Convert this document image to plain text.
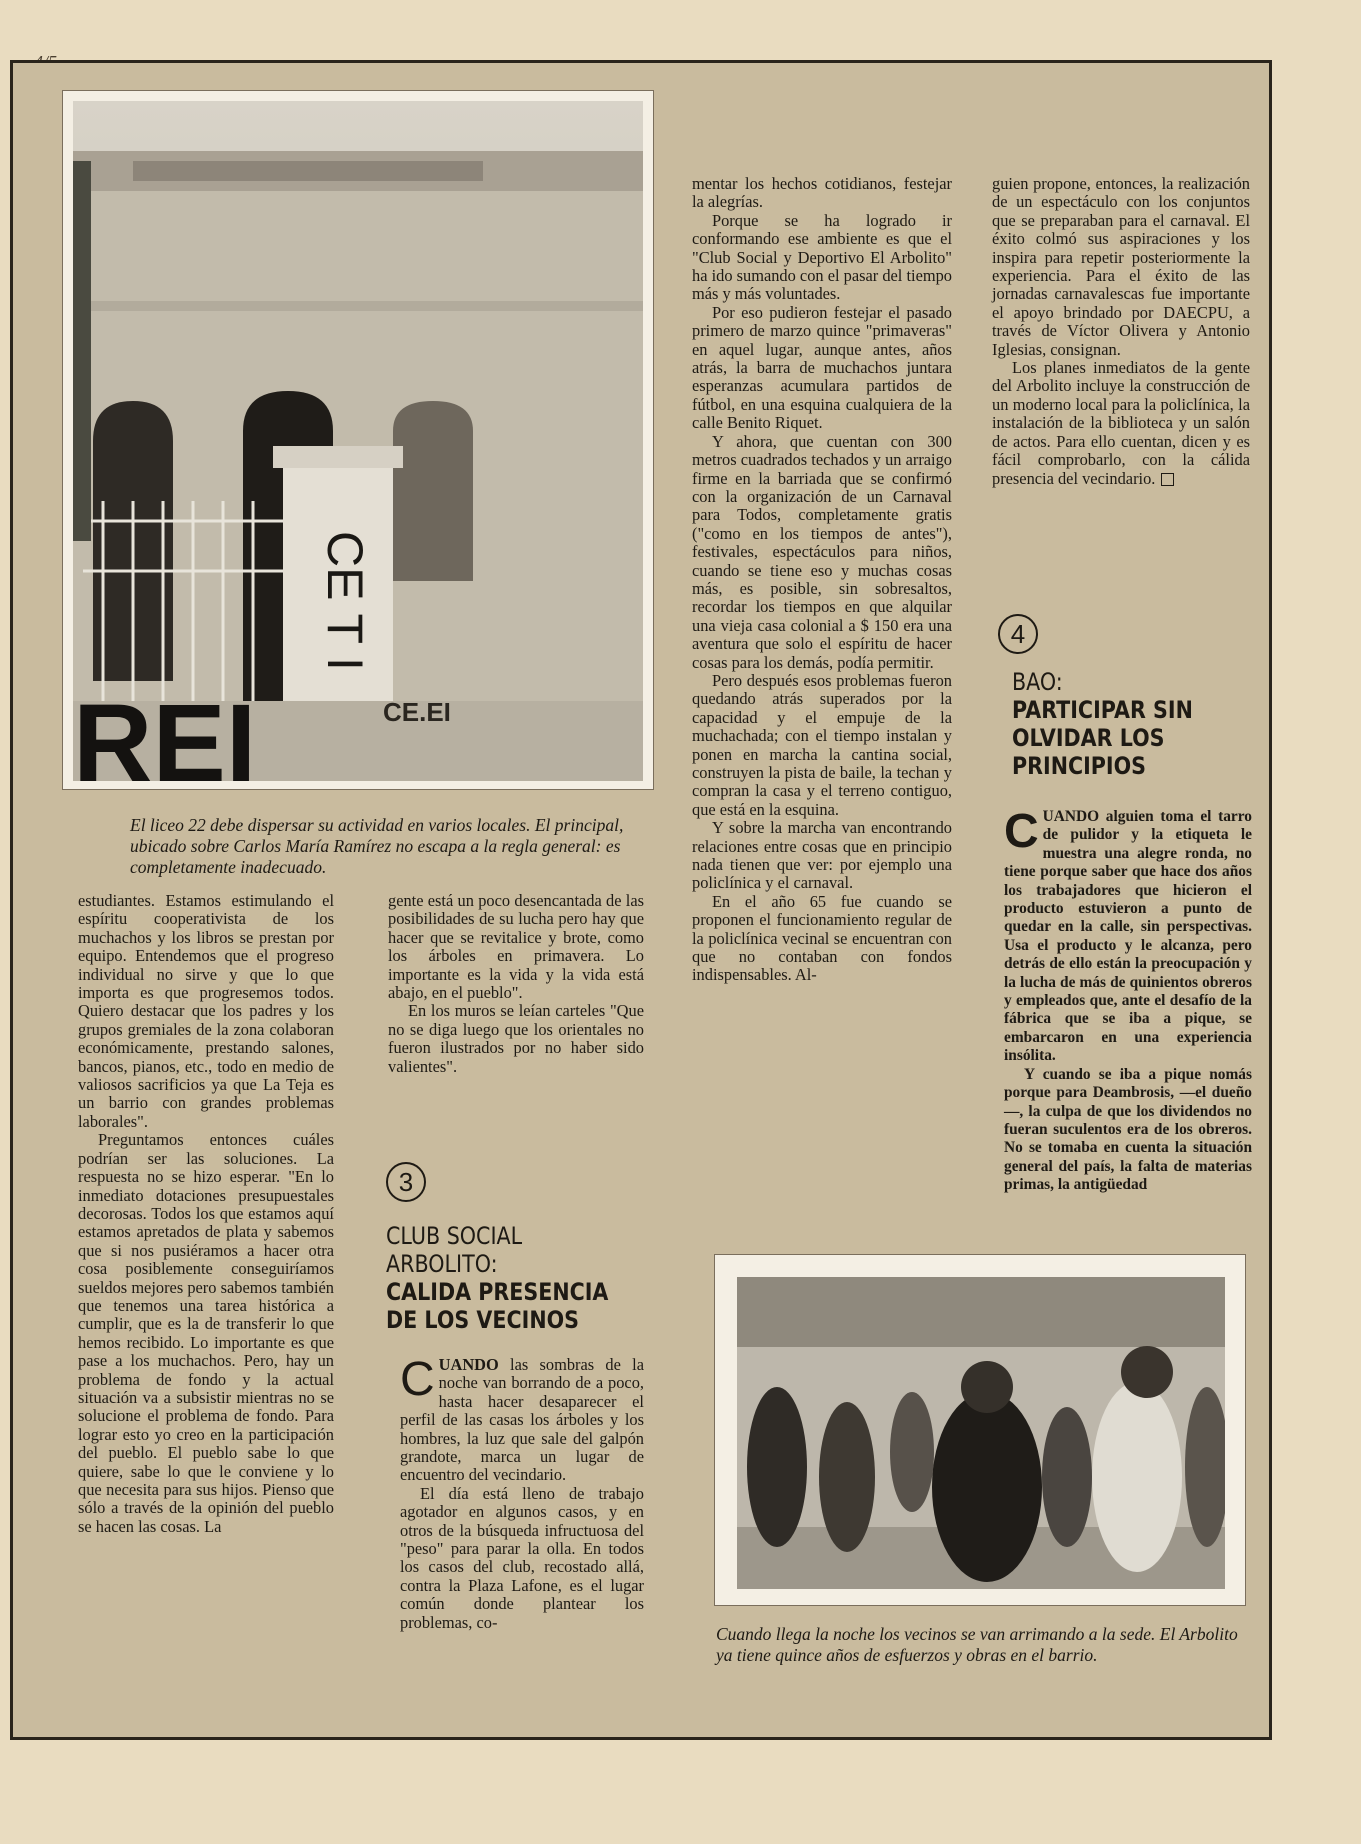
CE T I
CE.EI
REI
El liceo 22 debe dispersar su actividad en varios locales. El principal, ubicado sobre Carlos María Ramírez no escapa a la regla general: es completamente inadecuado.

estudiantes. Estamos estimulando el espíritu cooperativista de los muchachos y los libros se prestan por equipo. Entendemos que el progreso individual no sirve y que lo que importa es que progresemos todos. Quiero destacar que los padres y los grupos gremiales de la zona colaboran económicamente, prestando salones, bancos, pianos, etc., todo en medio de valiosos sacrificios ya que La Teja es un barrio con grandes problemas laborales".

Preguntamos entonces cuáles podrían ser las soluciones. La respuesta no se hizo esperar. "En lo inmediato dotaciones presupuestales decorosas. Todos los que estamos aquí estamos apretados de plata y sabemos que si nos pusiéramos a hacer otra cosa posiblemente conseguiríamos sueldos mejores pero sabemos también que tenemos una tarea histórica a cumplir, que es la de transferir lo que hemos recibido. Lo importante es que pase a los muchachos. Pero, hay un problema de fondo y la actual situación va a subsistir mientras no se solucione el problema de fondo. Para lograr esto yo creo en la participación del pueblo. El pueblo sabe lo que quiere, sabe lo que le conviene y lo que necesita para sus hijos. Pienso que sólo a través de la opinión del pueblo se hacen las cosas. La

gente está un poco desencantada de las posibilidades de su lucha pero hay que hacer que se revitalice y brote, como los árboles en primavera. Lo importante es la vida y la vida está abajo, en el pueblo".

En los muros se leían carteles "Que no se diga luego que los orientales no fueron ilustrados por no haber sido valientes".

3
CLUB SOCIAL
ARBOLITO:
CALIDA PRESENCIA
DE LOS VECINOS

CUANDO las sombras de la noche van borrando de a poco, hasta hacer desaparecer el perfil de las casas los árboles y los hombres, la luz que sale del galpón grandote, marca un lugar de encuentro del vecindario.

El día está lleno de trabajo agotador en algunos casos, y en otros de la búsqueda infructuosa del "peso" para parar la olla. En todos los casos del club, recostado allá, contra la Plaza Lafone, es el lugar común donde plantear los problemas, co-

mentar los hechos cotidianos, festejar la alegrías.

Porque se ha logrado ir conformando ese ambiente es que el "Club Social y Deportivo El Arbolito" ha ido sumando con el pasar del tiempo más y más voluntades.

Por eso pudieron festejar el pasado primero de marzo quince "primaveras" en aquel lugar, aunque antes, años atrás, la barra de muchachos juntara esperanzas acumulara partidos de fútbol, en una esquina cualquiera de la calle Benito Riquet.

Y ahora, que cuentan con 300 metros cuadrados techados y un arraigo firme en la barriada que se confirmó con la organización de un Carnaval para Todos, completamente gratis ("como en los tiempos de antes"), festivales, espectáculos para niños, cuando se tiene eso y muchas cosas más, es posible, sin sobresaltos, recordar los tiempos en que alquilar una vieja casa colonial a $ 150 era una aventura que solo el espíritu de hacer cosas para los demás, podía permitir.

Pero después esos problemas fueron quedando atrás superados por la capacidad y el empuje de la muchachada; con el tiempo instalan y ponen en marcha la cantina social, construyen la pista de baile, la techan y compran la casa y el terreno contiguo, que está en la esquina.

Y sobre la marcha van encontrando relaciones entre cosas que en principio nada tienen que ver: por ejemplo una policlínica y el carnaval.

En el año 65 fue cuando se proponen el funcionamiento regular de la policlínica vecinal se encuentran con que no contaban con fondos indispensables. Al-

guien propone, entonces, la realización de un espectáculo con los conjuntos que se preparaban para el carnaval. El éxito colmó sus aspiraciones y los inspira para repetir posteriormente la experiencia. Para el éxito de las jornadas carnavalescas fue importante el apoyo brindado por DAECPU, a través de Víctor Olivera y Antonio Iglesias, consignan.

Los planes inmediatos de la gente del Arbolito incluye la construcción de un moderno local para la policlínica, la instalación de la biblioteca y un salón de actos. Para ello cuentan, dicen y es fácil comprobarlo, con la cálida presencia del vecindario.

4
BAO:
PARTICIPAR SIN
OLVIDAR LOS
PRINCIPIOS

CUANDO alguien toma el tarro de pulidor y la etiqueta le muestra una alegre ronda, no tiene porque saber que hace dos años los trabajadores que hicieron el producto estuvieron a punto de quedar en la calle, sin perspectivas. Usa el producto y le alcanza, pero detrás de ello están la preocupación y la lucha de más de quinientos obreros y empleados que, ante el desafío de la fábrica que se iba a pique, se embarcaron en una experiencia insólita.

Y cuando se iba a pique nomás porque para Deambrosis, —el dueño—, la culpa de que los dividendos no fueran suculentos era de los obreros. No se tomaba en cuenta la situación general del país, la falta de materias primas, la antigüedad

Cuando llega la noche los vecinos se van arrimando a la sede. El Arbolito ya tiene quince años de esfuerzos y obras en el barrio.
